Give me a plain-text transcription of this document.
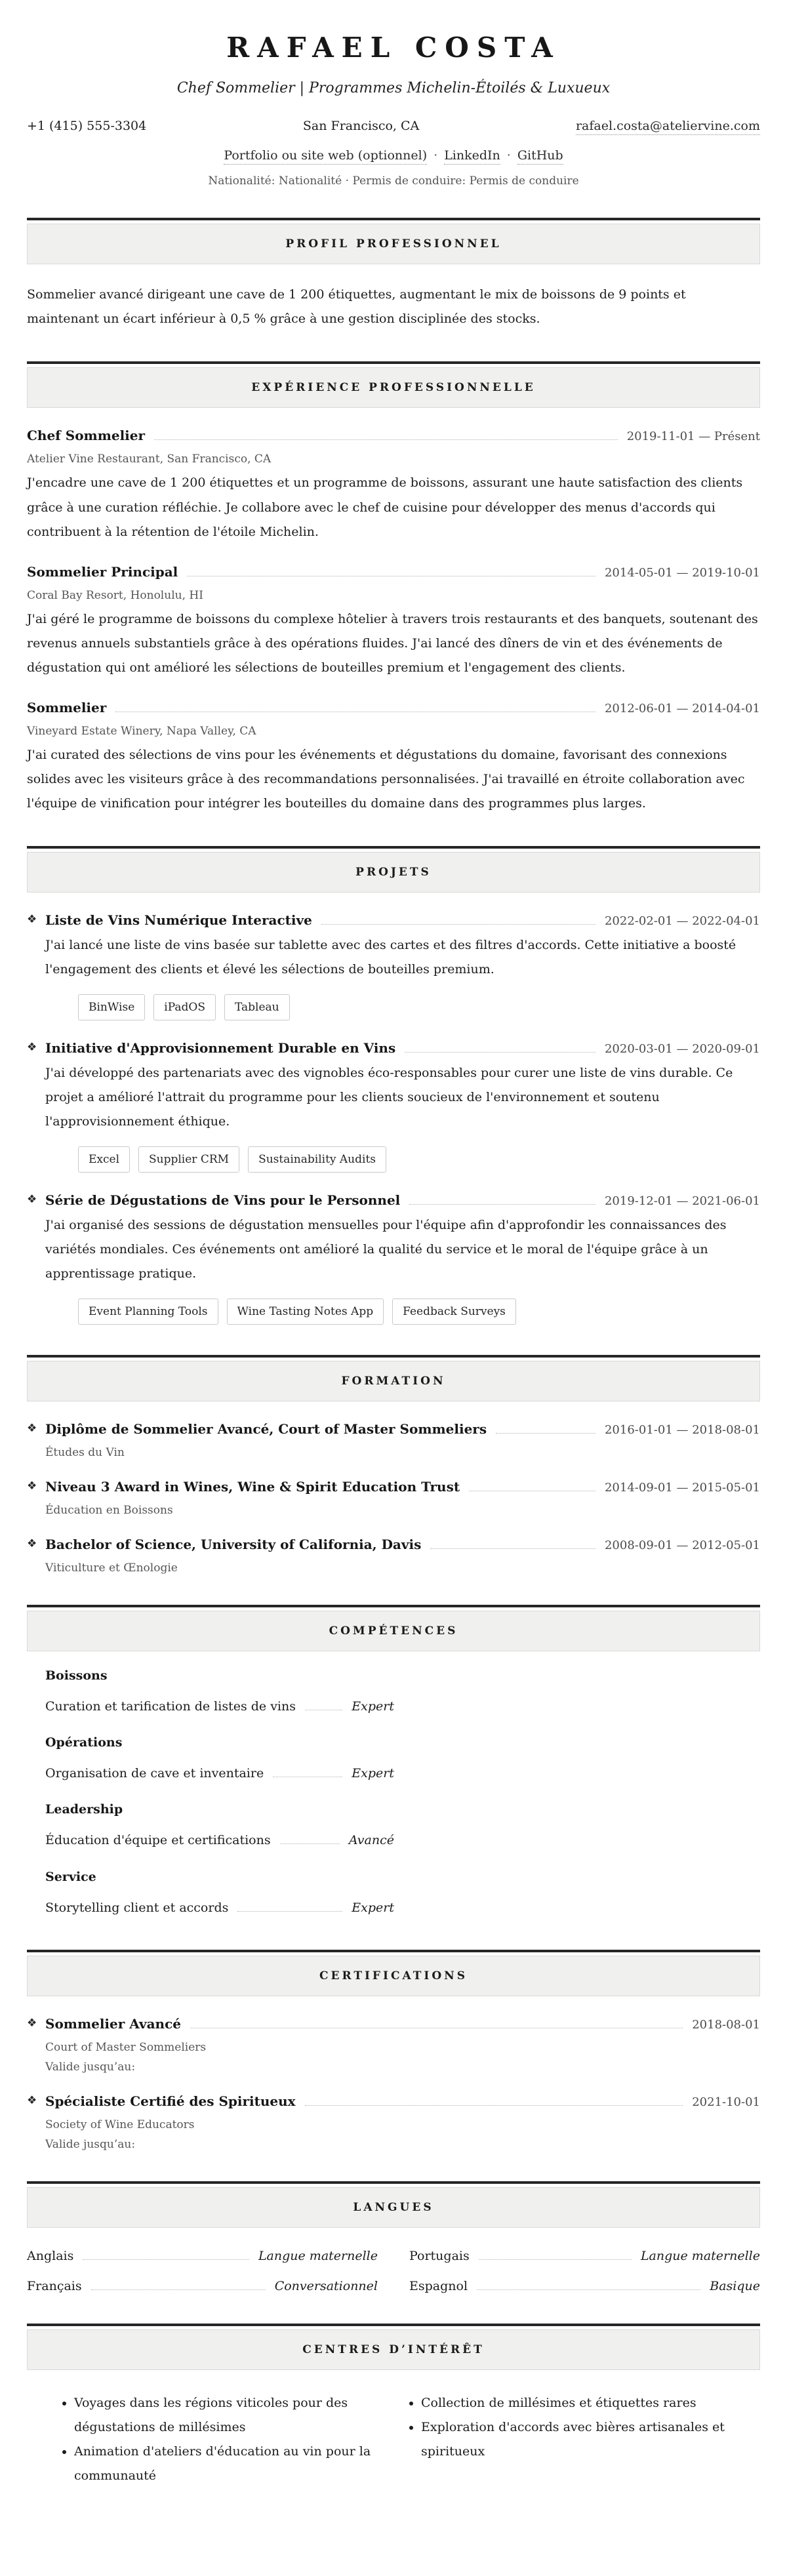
RAFAEL COSTA
Chef Sommelier | Programmes Michelin-Étoilés & Luxueux
+1 (415) 555-3304	San Francisco, CA	rafael.costa@ateliervine.com
Portfolio ou site web (optionnel) · LinkedIn · GitHub
Nationalité: Nationalité · Permis de conduire: Permis de conduire
PROFIL PROFESSIONNEL

Sommelier avancé dirigeant une cave de 1 200 étiquettes, augmentant le mix de boissons de 9 points et maintenant un écart inférieur à 0,5 % grâce à une gestion disciplinée des stocks.

EXPÉRIENCE PROFESSIONNELLE
Chef Sommelier	2019-11-01 — Présent
Atelier Vine Restaurant, San Francisco, CA

J'encadre une cave de 1 200 étiquettes et un programme de boissons, assurant une haute satisfaction des clients grâce à une curation réfléchie. Je collabore avec le chef de cuisine pour développer des menus d'accords qui contribuent à la rétention de l'étoile Michelin.

Sommelier Principal	2014-05-01 — 2019-10-01
Coral Bay Resort, Honolulu, HI

J'ai géré le programme de boissons du complexe hôtelier à travers trois restaurants et des banquets, soutenant des revenus annuels substantiels grâce à des opérations fluides. J'ai lancé des dîners de vin et des événements de dégustation qui ont amélioré les sélections de bouteilles premium et l'engagement des clients.

Sommelier	2012-06-01 — 2014-04-01
Vineyard Estate Winery, Napa Valley, CA

J'ai curated des sélections de vins pour les événements et dégustations du domaine, favorisant des connexions solides avec les visiteurs grâce à des recommandations personnalisées. J'ai travaillé en étroite collaboration avec l'équipe de vinification pour intégrer les bouteilles du domaine dans des programmes plus larges.

PROJETS
❖ Liste de Vins Numérique Interactive	2022-02-01 — 2022-04-01

J'ai lancé une liste de vins basée sur tablette avec des cartes et des filtres d'accords. Cette initiative a boosté l'engagement des clients et élevé les sélections de bouteilles premium.

BinWise	iPadOS	Tableau
❖ Initiative d'Approvisionnement Durable en Vins	2020-03-01 — 2020-09-01

J'ai développé des partenariats avec des vignobles éco-responsables pour curer une liste de vins durable. Ce projet a amélioré l'attrait du programme pour les clients soucieux de l'environnement et soutenu l'approvisionnement éthique.

Excel	Supplier CRM	Sustainability Audits
❖ Série de Dégustations de Vins pour le Personnel	2019-12-01 — 2021-06-01

J'ai organisé des sessions de dégustation mensuelles pour l'équipe afin d'approfondir les connaissances des variétés mondiales. Ces événements ont amélioré la qualité du service et le moral de l'équipe grâce à un apprentissage pratique.

Event Planning Tools	Wine Tasting Notes App	Feedback Surveys
FORMATION
❖ Diplôme de Sommelier Avancé, Court of Master Sommeliers	2016-01-01 — 2018-08-01
Études du Vin
❖ Niveau 3 Award in Wines, Wine & Spirit Education Trust	2014-09-01 — 2015-05-01
Éducation en Boissons
❖ Bachelor of Science, University of California, Davis	2008-09-01 — 2012-05-01
Viticulture et Œnologie
COMPÉTENCES
Boissons
Curation et tarification de listes de vins	Expert
Opérations
Organisation de cave et inventaire	Expert
Leadership
Éducation d'équipe et certifications	Avancé
Service
Storytelling client et accords	Expert
CERTIFICATIONS
❖ Sommelier Avancé	2018-08-01
Court of Master Sommeliers
Valide jusqu’au:
❖ Spécialiste Certifié des Spiritueux	2021-10-01
Society of Wine Educators
Valide jusqu’au:
LANGUES
Anglais	Langue maternelle	Portugais	Langue maternelle
Français	Conversationnel	Espagnol	Basique
CENTRES D’INTÉRÊT
• Voyages dans les régions viticoles pour des dégustations de millésimes
• Animation d'ateliers d'éducation au vin pour la communauté
• Collection de millésimes et étiquettes rares
• Exploration d'accords avec bières artisanales et spiritueux
